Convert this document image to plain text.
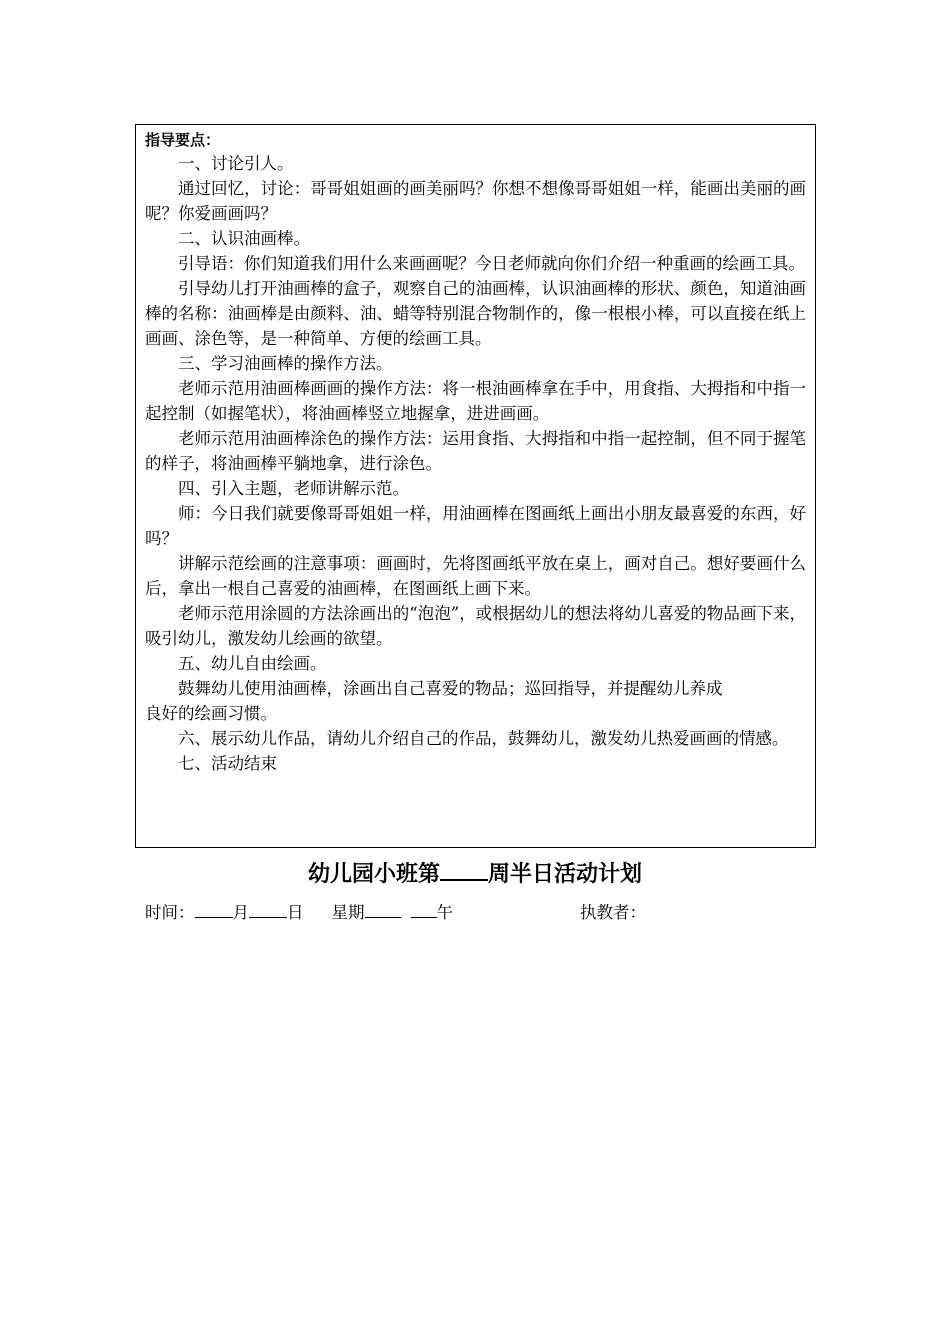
指导要点：

一、讨论引人。

通过回忆，讨论：哥哥姐姐画的画美丽吗？你想不想像哥哥姐姐一样，能画出美丽的画呢？你爱画画吗？

二、认识油画棒。

引导语：你们知道我们用什么来画画呢？今日老师就向你们介绍一种重画的绘画工具。

引导幼儿打开油画棒的盒子，观察自己的油画棒，认识油画棒的形状、颜色，知道油画棒的名称：油画棒是由颜料、油、蜡等特别混合物制作的，像一根根小棒，可以直接在纸上画画、涂色等，是一种简单、方便的绘画工具。

三、学习油画棒的操作方法。

老师示范用油画棒画画的操作方法：将一根油画棒拿在手中，用食指、大拇指和中指一起控制（如握笔状），将油画棒竖立地握拿，进进画画。

老师示范用油画棒涂色的操作方法：运用食指、大拇指和中指一起控制，但不同于握笔的样子，将油画棒平躺地拿，进行涂色。

四、引入主题，老师讲解示范。

师：今日我们就要像哥哥姐姐一样，用油画棒在图画纸上画出小朋友最喜爱的东西，好吗？

讲解示范绘画的注意事项：画画时，先将图画纸平放在桌上，画对自己。想好要画什么后，拿出一根自己喜爱的油画棒，在图画纸上画下来。

老师示范用涂圆的方法涂画出的“泡泡”，或根据幼儿的想法将幼儿喜爱的物品画下来，吸引幼儿，激发幼儿绘画的欲望。

五、幼儿自由绘画。

鼓舞幼儿使用油画棒，涂画出自己喜爱的物品；巡回指导，并提醒幼儿养成

良好的绘画习惯。

六、展示幼儿作品，请幼儿介绍自己的作品，鼓舞幼儿，激发幼儿热爱画画的情感。

七、活动结束

幼儿园小班第 周半日活动计划
时间： 月 日 星期	午	执教者：
